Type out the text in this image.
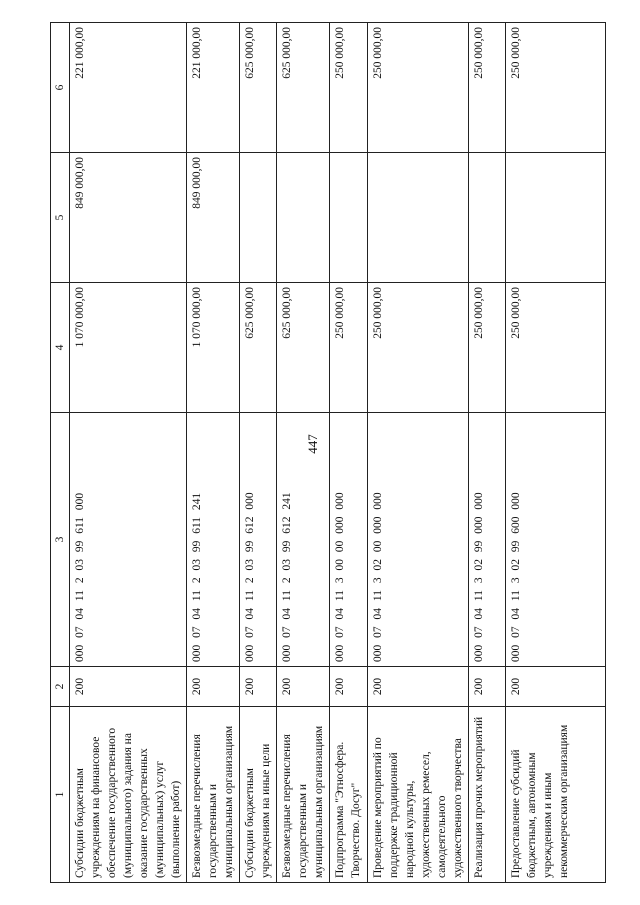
447
1	2	3	4	5	6
Субсидии бюджетным учреждениям на финансовое обеспечение государственного (муниципального) задания на оказание государственных (муниципальных) услуг (выполнение работ)	200	000 07 04 11 2 03 99 611 000	1 070 000,00	849 000,00	221 000,00
Безвозмездные перечисления государственным и муниципальным организациям	200	000 07 04 11 2 03 99 611 241	1 070 000,00	849 000,00	221 000,00
Субсидии бюджетным учреждениям на иные цели	200	000 07 04 11 2 03 99 612 000	625 000,00		625 000,00
Безвозмездные перечисления государственным и муниципальным организациям	200	000 07 04 11 2 03 99 612 241	625 000,00		625 000,00
Подпрограмма "Этносфера. Творчество. Досуг"	200	000 07 04 11 3 00 00 000 000	250 000,00		250 000,00
Проведение мероприятий по поддержке традиционной народной культуры, художественных ремесел, самодеятельного художественного творчества	200	000 07 04 11 3 02 00 000 000	250 000,00		250 000,00
Реализация прочих мероприятий	200	000 07 04 11 3 02 99 000 000	250 000,00		250 000,00
Предоставление субсидий бюджетным, автономным учреждениям и иным некоммерческим организациям	200	000 07 04 11 3 02 99 600 000	250 000,00		250 000,00
